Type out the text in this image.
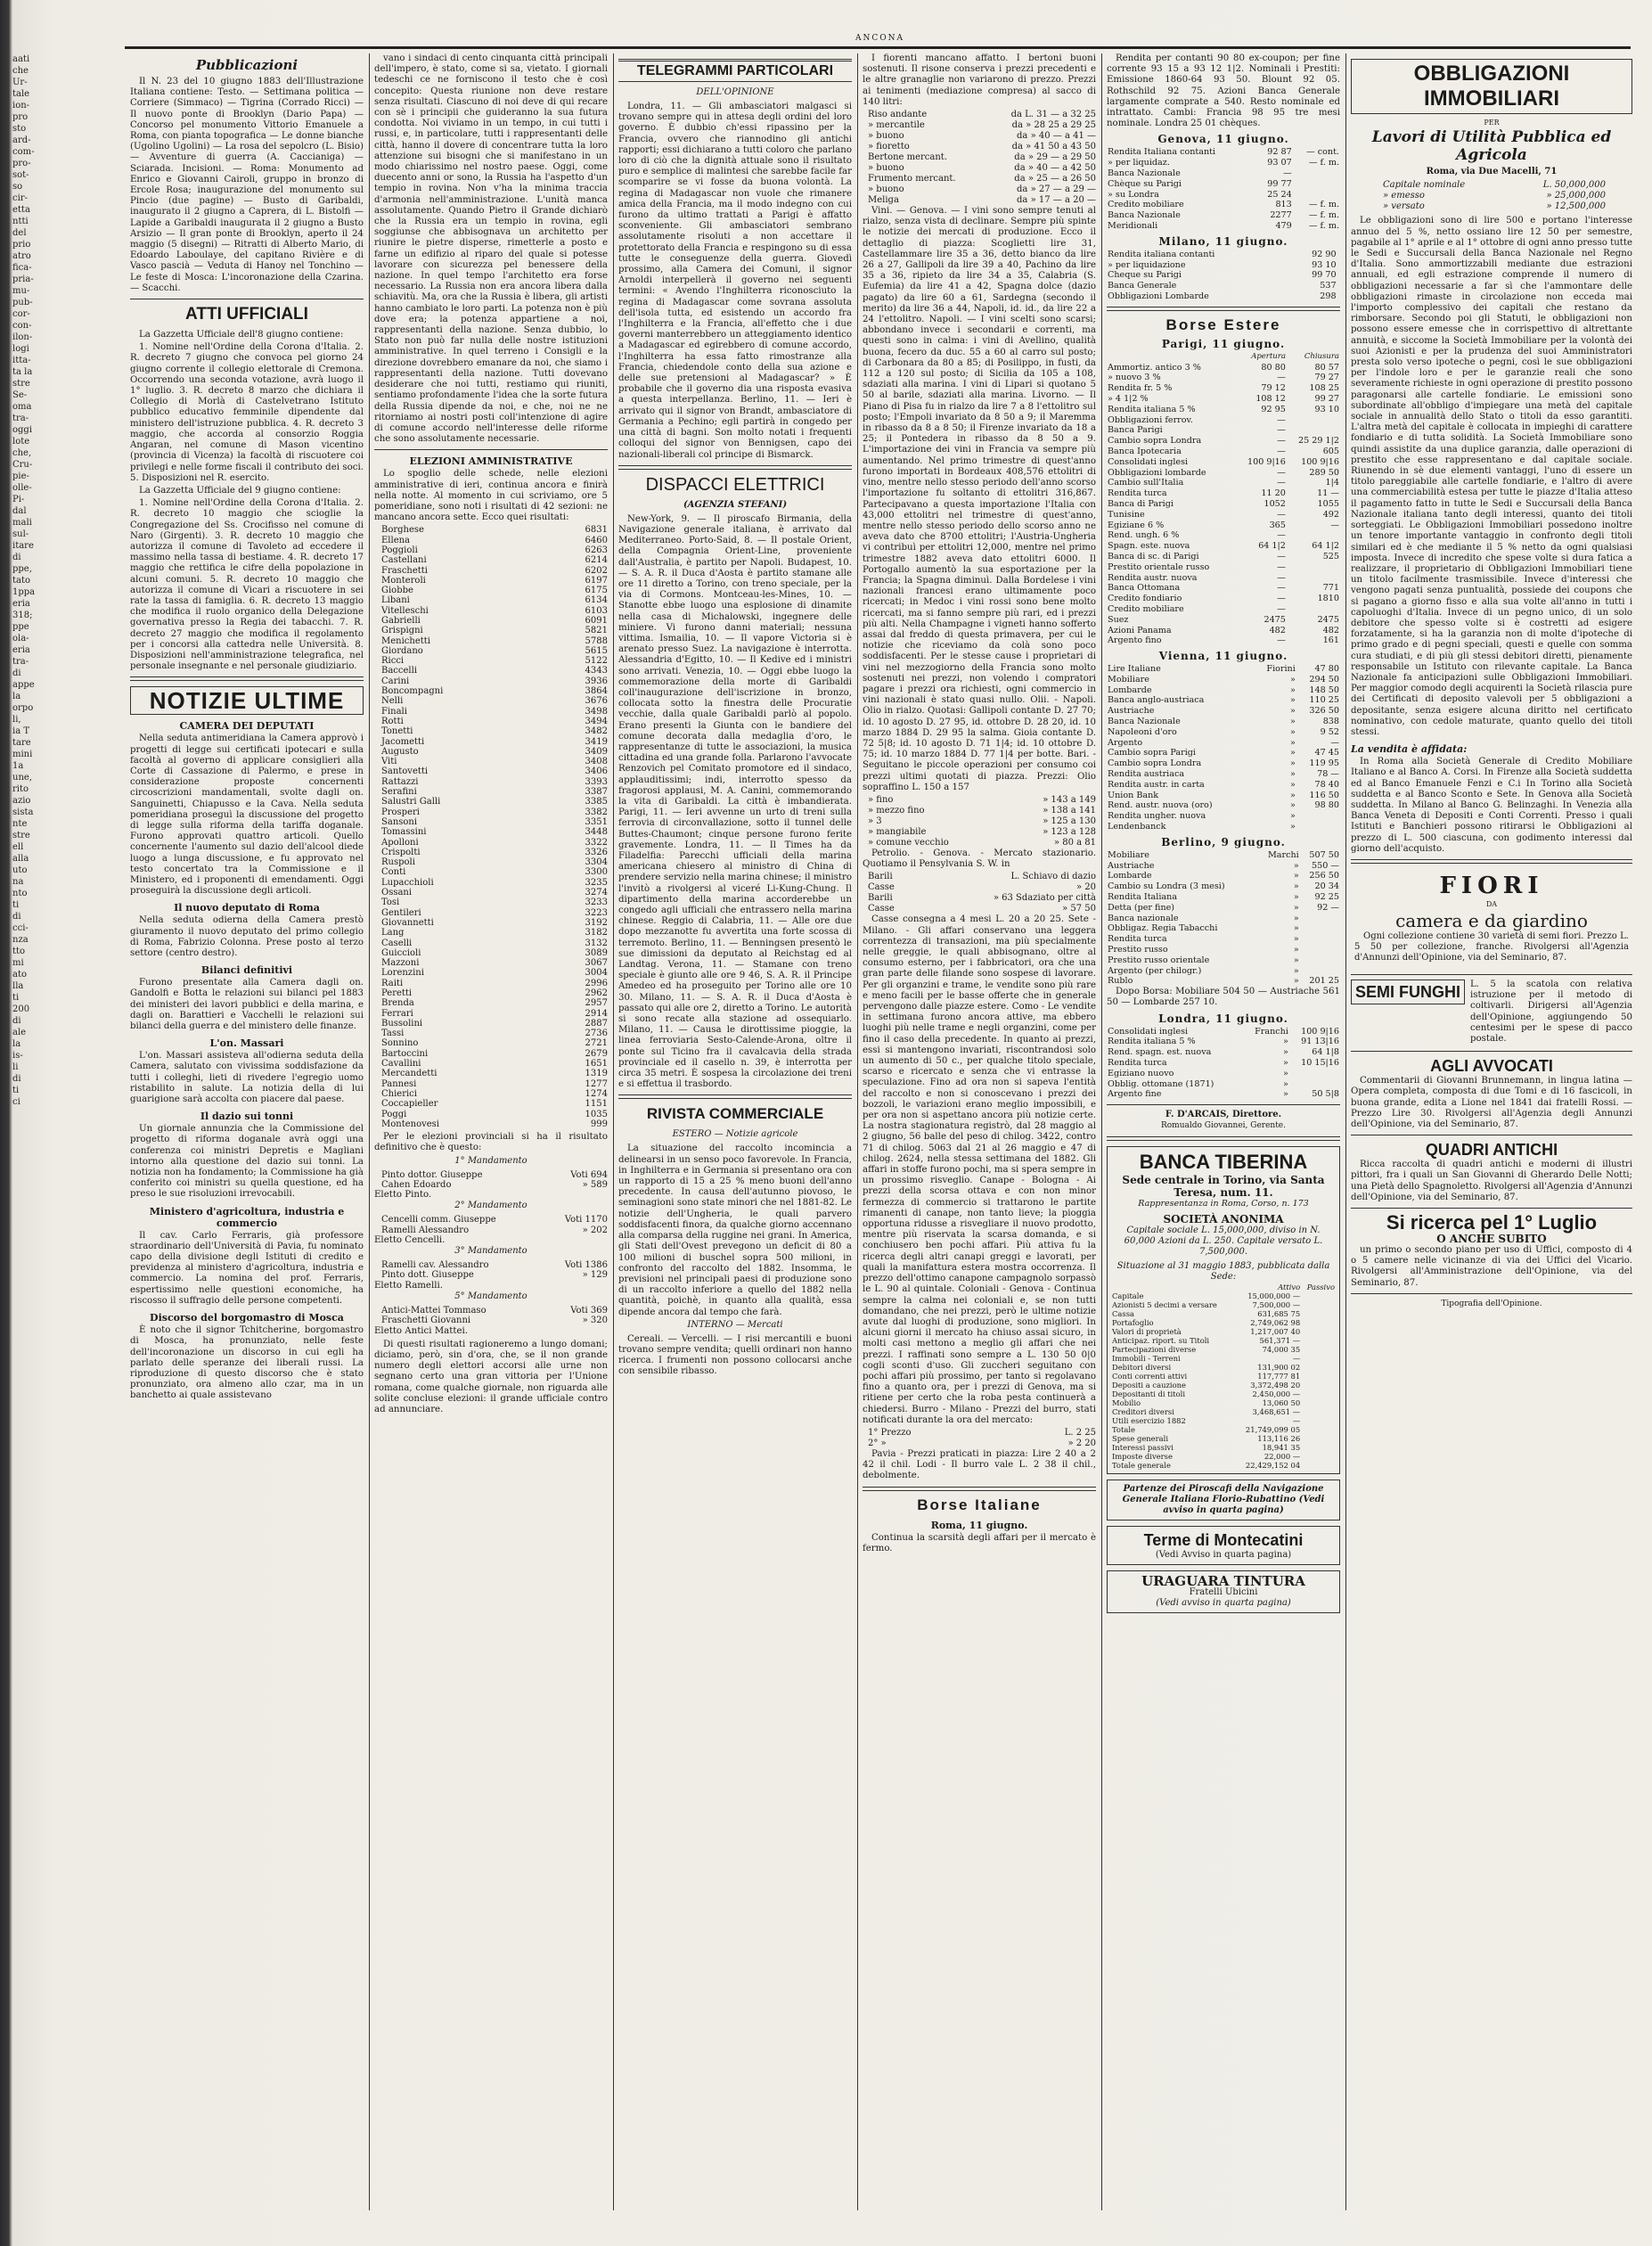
ANCONA
aati
che
Ur-
tale
ion-
pro
sto
ard-
com-
pro-
sot-
so
cir-
etta
ntti
del
prio
atro
fica-
pria-
mu-
pub-
cor-
con-
ilon-
logi
itta-
ta la
stre
Se-
oma
tra-
oggi
lote
che,
Cru-
pie-
olle-
Pi-
dal
mali
sul-
itare
di
ppe,
tato
1ppa
eria
318;
ppe
ola-
eria
tra-
di
appe
la
orpo
li,
ia T
tare
mini
1a
une,
rito
azio
sista
nte
stre
ell
alla
uto
na
nto
ti
di
cci-
nza
tto
mi
ato
lla
ti
200
di
ale
la
is-
li
di
ti
ci
Pubblicazioni

Il N. 23 del 10 giugno 1883 dell'Illustrazione Italiana contiene: Testo. — Settimana politica — Corriere (Simmaco) — Tigrina (Corrado Ricci) — Il nuovo ponte di Brooklyn (Dario Papa) — Concorso pel monumento Vittorio Emanuele a Roma, con pianta topografica — Le donne bianche (Ugolino Ugolini) — La rosa del sepolcro (L. Bisio) — Avventure di guerra (A. Caccianiga) — Sciarada. Incisioni. — Roma: Monumento ad Enrico e Giovanni Cairoli, gruppo in bronzo di Ercole Rosa; inaugurazione del monumento sul Pincio (due pagine) — Busto di Garibaldi, inaugurato il 2 giugno a Caprera, di L. Bistolfi — Lapide a Garibaldi inaugurata il 2 giugno a Busto Arsizio — Il gran ponte di Brooklyn, aperto il 24 maggio (5 disegni) — Ritratti di Alberto Mario, di Edoardo Laboulaye, del capitano Rivière e di Vasco pascià — Veduta di Hanoy nel Tonchino — Le feste di Mosca: L'incoronazione della Czarina. — Scacchi.

ATTI UFFICIALI

La Gazzetta Ufficiale dell'8 giugno contiene:

1. Nomine nell'Ordine della Corona d'Italia. 2. R. decreto 7 giugno che convoca pel giorno 24 giugno corrente il collegio elettorale di Cremona. Occorrendo una seconda votazione, avrà luogo il 1° luglio. 3. R. decreto 8 marzo che dichiara il Collegio di Morlà di Castelvetrano Istituto pubblico educativo femminile dipendente dal ministero dell'istruzione pubblica. 4. R. decreto 3 maggio, che accorda al consorzio Roggia Angaran, nel comune di Mason vicentino (provincia di Vicenza) la facoltà di riscuotere coi privilegi e nelle forme fiscali il contributo dei soci. 5. Disposizioni nel R. esercito.

La Gazzetta Ufficiale del 9 giugno contiene:

1. Nomine nell'Ordine della Corona d'Italia. 2. R. decreto 10 maggio che scioglie la Congregazione del Ss. Crocifisso nel comune di Naro (Girgenti). 3. R. decreto 10 maggio che autorizza il comune di Tavoleto ad eccedere il massimo nella tassa di bestiame. 4. R. decreto 17 maggio che rettifica le cifre della popolazione in alcuni comuni. 5. R. decreto 10 maggio che autorizza il comune di Vicari a riscuotere in sei rate la tassa di famiglia. 6. R. decreto 13 maggio che modifica il ruolo organico della Delegazione governativa presso la Regia dei tabacchi. 7. R. decreto 27 maggio che modifica il regolamento per i concorsi alla cattedra nelle Università. 8. Disposizioni nell'amministrazione telegrafica, nel personale insegnante e nel personale giudiziario.

NOTIZIE ULTIME
CAMERA DEI DEPUTATI

Nella seduta antimeridiana la Camera approvò i progetti di legge sui certificati ipotecari e sulla facoltà al governo di applicare consiglieri alla Corte di Cassazione di Palermo, e prese in considerazione proposte concernenti circoscrizioni mandamentali, svolte dagli on. Sanguinetti, Chiapusso e la Cava. Nella seduta pomeridiana proseguì la discussione del progetto di legge sulla riforma della tariffa doganale. Furono approvati quattro articoli. Quello concernente l'aumento sul dazio dell'alcool diede luogo a lunga discussione, e fu approvato nel testo concertato tra la Commissione e il Ministero, ed i proponenti di emendamenti. Oggi proseguirà la discussione degli articoli.

Il nuovo deputato di Roma

Nella seduta odierna della Camera prestò giuramento il nuovo deputato del primo collegio di Roma, Fabrizio Colonna. Prese posto al terzo settore (centro destro).

Bilanci definitivi

Furono presentate alla Camera dagli on. Gandolfi e Botta le relazioni sui bilanci pel 1883 dei ministeri dei lavori pubblici e della marina, e dagli on. Barattieri e Vacchelli le relazioni sui bilanci della guerra e del ministero delle finanze.

L'on. Massari

L'on. Massari assisteva all'odierna seduta della Camera, salutato con vivissima soddisfazione da tutti i colleghi, lieti di rivedere l'egregio uomo ristabilito in salute. La notizia della di lui guarigione sarà accolta con piacere dal paese.

Il dazio sui tonni

Un giornale annunzia che la Commissione del progetto di riforma doganale avrà oggi una conferenza coi ministri Depretis e Magliani intorno alla questione del dazio sui tonni. La notizia non ha fondamento; la Commissione ha già conferito coi ministri su quella questione, ed ha preso le sue risoluzioni irrevocabili.

Ministero d'agricoltura, industria e commercio

Il cav. Carlo Ferraris, già professore straordinario dell'Università di Pavia, fu nominato capo della divisione degli Istituti di credito e previdenza al ministero d'agricoltura, industria e commercio. La nomina del prof. Ferraris, espertissimo nelle questioni economiche, ha riscosso il suffragio delle persone competenti.

Discorso del borgomastro di Mosca

È noto che il signor Tchitcherine, borgomastro di Mosca, ha pronunziato, nelle feste dell'incoronazione un discorso in cui egli ha parlato delle speranze dei liberali russi. La riproduzione di questo discorso che è stato pronunziato, ora almeno allo czar, ma in un banchetto ai quale assistevano

vano i sindaci di cento cinquanta città principali dell'impero, è stato, come si sa, vietato. I giornali tedeschi ce ne forniscono il testo che è così concepito: Questa riunione non deve restare senza risultati. Ciascuno di noi deve di qui recare con sè i principii che guideranno la sua futura condotta. Noi viviamo in un tempo, in cui tutti i russi, e, in particolare, tutti i rappresentanti delle città, hanno il dovere di concentrare tutta la loro attenzione sui bisogni che si manifestano in un modo chiarissimo nel nostro paese. Oggi, come duecento anni or sono, la Russia ha l'aspetto d'un tempio in rovina. Non v'ha la minima traccia d'armonia nell'amministrazione. L'unità manca assolutamente. Quando Pietro il Grande dichiarò che la Russia era un tempio in rovina, egli soggiunse che abbisognava un architetto per riunire le pietre disperse, rimetterle a posto e farne un edifizio al riparo del quale si potesse lavorare con sicurezza pel benessere della nazione. In quel tempo l'architetto era forse necessario. La Russia non era ancora libera dalla schiavitù. Ma, ora che la Russia è libera, gli artisti hanno cambiato le loro parti. La potenza non è più dove era; la potenza appartiene a noi, rappresentanti della nazione. Senza dubbio, lo Stato non può far nulla delle nostre istituzioni amministrative. In quel terreno i Consigli e la direzione dovrebbero emanare da noi, che siamo i rappresentanti della nazione. Tutti dovevano desiderare che noi tutti, restiamo qui riuniti, sentiamo profondamente l'idea che la sorte futura della Russia dipende da noi, e che, noi ne ne ritorniamo ai nostri posti coll'intenzione di agire di comune accordo nell'interesse delle riforme che sono assolutamente necessarie.

ELEZIONI AMMINISTRATIVE

Lo spoglio delle schede, nelle elezioni amministrative di ieri, continua ancora e finirà nella notte. Al momento in cui scriviamo, ore 5 pomeridiane, sono noti i risultati di 42 sezioni: ne mancano ancora sette. Ecco quei risultati:

Borghese	6831
Ellena	6460
Poggioli	6263
Castellani	6214
Fraschetti	6202
Monteroli	6197
Giobbe	6175
Libani	6134
Vitelleschi	6103
Gabrielli	6091
Grispigni	5821
Menichetti	5788
Giordano	5615
Ricci	5122
Baccelli	4343
Carini	3936
Boncompagni	3864
Nelli	3676
Finali	3498
Rotti	3494
Tonetti	3482
Jacometti	3419
Augusto	3409
Viti	3408
Santovetti	3406
Rattazzi	3393
Serafini	3387
Salustri Galli	3385
Prosperi	3382
Sansoni	3351
Tomassini	3448
Apolloni	3322
Crispolti	3326
Ruspoli	3304
Conti	3300
Lupacchioli	3235
Ossani	3274
Tosi	3233
Gentileri	3223
Giovannetti	3192
Lang	3182
Caselli	3132
Guiccioli	3089
Mazzoni	3067
Lorenzini	3004
Raiti	2996
Peretti	2962
Brenda	2957
Ferrari	2914
Bussolini	2887
Tassi	2736
Sonnino	2721
Bartoccini	2679
Cavallini	1651
Mercandetti	1319
Pannesi	1277
Chierici	1274
Coccapieller	1151
Poggi	1035
Montenovesi	999

Per le elezioni provinciali si ha il risultato definitivo che è questo:

1° Mandamento
Pinto dottor. Giuseppe	Voti 694
Cahen Edoardo	» 589
Eletto Pinto.
2° Mandamento
Cencelli comm. Giuseppe	Voti 1170
Ramelli Alessandro	» 202
Eletto Cencelli.
3° Mandamento
Ramelli cav. Alessandro	Voti 1386
Pinto dott. Giuseppe	» 129
Eletto Ramelli.
5° Mandamento
Antici-Mattei Tommaso	Voti 369
Fraschetti Giovanni	» 320
Eletto Antici Mattei.

Di questi risultati ragioneremo a lungo domani; diciamo, però, sin d'ora, che, se il non grande numero degli elettori accorsi alle urne non segnano certo una gran vittoria per l'Unione romana, come qualche giornale, non riguarda alle solite concluse elezioni: il grande ufficiale contro ad annunciare.

TELEGRAMMI PARTICOLARI
DELL'OPINIONE

Londra, 11. — Gli ambasciatori malgasci si trovano sempre qui in attesa degli ordini del loro governo. È dubbio ch'essi ripassino per la Francia, ovvero che riannodino gli antichi rapporti; essi dichiarano a tutti coloro che parlano loro di ciò che la dignità attuale sono il risultato puro e semplice di malintesi che sarebbe facile far scomparire se vi fosse da buona volontà. La regina di Madagascar non vuole che rimanere amica della Francia, ma il modo indegno con cui furono da ultimo trattati a Parigi è affatto sconveniente. Gli ambasciatori sembrano assolutamente risoluti a non accettare il protettorato della Francia e respingono su di essa tutte le conseguenze della guerra. Giovedì prossimo, alla Camera dei Comuni, il signor Arnoldi interpellerà il governo nei seguenti termini: « Avendo l'Inghilterra riconosciuto la regina di Madagascar come sovrana assoluta dell'isola tutta, ed esistendo un accordo fra l'Inghilterra e la Francia, all'effetto che i due governi manterrebbero un atteggiamento identico a Madagascar ed egirebbero di comune accordo, l'Inghilterra ha essa fatto rimostranze alla Francia, chiedendole conto della sua azione e delle sue pretensioni al Madagascar? » È probabile che il governo dia una risposta evasiva a questa interpellanza. Berlino, 11. — Ieri è arrivato qui il signor von Brandt, ambasciatore di Germania a Pechino; egli partirà in congedo per una città di bagni. Son molto notati i frequenti colloqui del signor von Bennigsen, capo dei nazionali-liberali col principe di Bismarck.

DISPACCI ELETTRICI
(AGENZIA STEFANI)

New-York, 9. — Il piroscafo Birmania, della Navigazione generale italiana, è arrivato dal Mediterraneo. Porto-Said, 8. — Il postale Orient, della Compagnia Orient-Line, proveniente dall'Australia, è partito per Napoli. Budapest, 10. — S. A. R. il Duca d'Aosta è partito stamane alle ore 11 diretto a Torino, con treno speciale, per la via di Cormons. Montceau-les-Mines, 10. — Stanotte ebbe luogo una esplosione di dinamite nella casa di Michalowski, ingegnere delle miniere. Vi furono danni materiali; nessuna vittima. Ismailia, 10. — Il vapore Victoria si è arenato presso Suez. La navigazione è interrotta. Alessandria d'Egitto, 10. — Il Kedive ed i ministri sono arrivati. Venezia, 10. — Oggi ebbe luogo la commemorazione della morte di Garibaldi coll'inaugurazione dell'iscrizione in bronzo, collocata sotto la finestra delle Procuratie vecchie, dalla quale Garibaldi parlò al popolo. Erano presenti la Giunta con le bandiere del comune decorata dalla medaglia d'oro, le rappresentanze di tutte le associazioni, la musica cittadina ed una grande folla. Parlarono l'avvocate Renzovich pel Comitato promotore ed il sindaco, applauditissimi; indi, interrotto spesso da fragorosi applausi, M. A. Canini, commemorando la vita di Garibaldi. La città è imbandierata. Parigi, 11. — Ieri avvenne un urto di treni sulla ferrovia di circonvallazione, sotto il tunnel delle Buttes-Chaumont; cinque persone furono ferite gravemente. Londra, 11. — Il Times ha da Filadelfia: Parecchi ufficiali della marina americana chiesero al ministro di China di prendere servizio nella marina chinese; il ministro l'invitò a rivolgersi al viceré Li-Kung-Chung. Il dipartimento della marina accorderebbe un congedo agli ufficiali che entrassero nella marina chinese. Reggio di Calabria, 11. — Alle ore due dopo mezzanotte fu avvertita una forte scossa di terremoto. Berlino, 11. — Benningsen presentò le sue dimissioni da deputato al Reichstag ed al Landtag. Verona, 11. — Stamane con treno speciale è giunto alle ore 9 46, S. A. R. il Principe Amedeo ed ha proseguito per Torino alle ore 10 30. Milano, 11. — S. A. R. il Duca d'Aosta è passato qui alle ore 2, diretto a Torino. Le autorità si sono recate alla stazione ad ossequiarlo. Milano, 11. — Causa le dirottissime pioggie, la linea ferroviaria Sesto-Calende-Arona, oltre il ponte sul Ticino fra il cavalcavia della strada provinciale ed il casello n. 39, è interrotta per circa 35 metri. È sospesa la circolazione dei treni e si effettua il trasbordo.

RIVISTA COMMERCIALE
ESTERO — Notizie agricole

La situazione del raccolto incomincia a delinearsi in un senso poco favorevole. In Francia, in Inghilterra e in Germania si presentano ora con un rapporto di 15 a 25 % meno buoni dell'anno precedente. In causa dell'autunno piovoso, le seminagioni sono state minori che nel 1881-82. Le notizie dell'Ungheria, le quali parvero soddisfacenti finora, da qualche giorno accennano alla comparsa della ruggine nei grani. In America, gli Stati dell'Ovest prevegono un deficit di 80 a 100 milioni di buschel sopra 500 milioni, in confronto del raccolto del 1882. Insomma, le previsioni nel principali paesi di produzione sono di un raccolto inferiore a quello del 1882 nella quantità, poichè, in quanto alla qualità, essa dipende ancora dal tempo che farà.

INTERNO — Mercati

Cereali. — Vercelli. — I risi mercantili e buoni trovano sempre vendita; quelli ordinari non hanno ricerca. I frumenti non possono collocarsi anche con sensibile ribasso.

I fiorenti mancano affatto. I bertoni buoni sostenuti. Il risone conserva i prezzi precedenti e le altre granaglie non variarono di prezzo. Prezzi ai tenimenti (mediazione compresa) al sacco di 140 litri:

Riso andante	da L. 31 — a 32 25
» mercantile	da » 28 25 a 29 25
» buono	da » 40 — a 41 —
» fioretto	da » 41 50 a 43 50
Bertone mercant.	da » 29 — a 29 50
» buono	da » 40 — a 42 50
Frumento mercant.	da » 25 — a 26 50
» buono	da » 27 — a 29 —
Meliga	da » 17 — a 20 —

Vini. — Genova. — I vini sono sempre tenuti al rialzo, senza vista di declinare. Sempre più spinte le notizie dei mercati di produzione. Ecco il dettaglio di piazza: Scoglietti lire 31, Castellammare lire 35 a 36, detto bianco da lire 26 a 27, Gallipoli da lire 39 a 40, Pachino da lire 35 a 36, ripieto da lire 34 a 35, Calabria (S. Eufemia) da lire 41 a 42, Spagna dolce (dazio pagato) da lire 60 a 61, Sardegna (secondo il merito) da lire 36 a 44, Napoli, id. id., da lire 22 a 24 l'ettolitro. Napoli. — I vini scelti sono scarsi; abbondano invece i secondarii e correnti, ma questi sono in calma: i vini di Avellino, qualità buona, fecero da duc. 55 a 60 al carro sul posto; di Carbonara da 80 a 85; di Posilippo, in fusti, da 112 a 120 sul posto; di Sicilia da 105 a 108, sdaziati alla marina. I vini di Lipari si quotano 5 50 al barile, sdaziati alla marina. Livorno. — Il Piano di Pisa fu in rialzo da lire 7 a 8 l'ettolitro sul posto; l'Empoli invariato da 8 50 a 9; il Maremma in ribasso da 8 a 8 50; il Firenze invariato da 18 a 25; il Pontedera in ribasso da 8 50 a 9. L'importazione dei vini in Francia va sempre più aumentando. Nel primo trimestre di quest'anno furono importati in Bordeaux 408,576 ettolitri di vino, mentre nello stesso periodo dell'anno scorso l'importazione fu soltanto di ettolitri 316,867. Partecipavano a questa importazione l'Italia con 43,000 ettolitri nel trimestre di quest'anno, mentre nello stesso periodo dello scorso anno ne aveva dato che 8700 ettolitri; l'Austria-Ungheria vi contribuì per ettolitri 12,000, mentre nel primo trimestre 1882 aveva dato ettolitri 6000. Il Portogallo aumentò la sua esportazione per la Francia; la Spagna diminuì. Dalla Bordelese i vini nazionali francesi erano ultimamente poco ricercati; in Medoc i vini rossi sono bene molto ricercati, ma si fanno sempre più rari, ed i prezzi più alti. Nella Champagne i vigneti hanno sofferto assai dal freddo di questa primavera, per cui le notizie che riceviamo da colà sono poco soddisfacenti. Per le stesse cause i proprietari di vini nel mezzogiorno della Francia sono molto sostenuti nei prezzi, non volendo i compratori pagare i prezzi ora richiesti, ogni commercio in vini nazionali è stato quasi nullo. Olii. - Napoli. Olio in rialzo. Quotasi: Gallipoli contante D. 27 70; id. 10 agosto D. 27 95, id. ottobre D. 28 20, id. 10 marzo 1884 D. 29 95 la salma. Gioia contante D. 72 5|8; id. 10 agosto D. 71 1|4; id. 10 ottobre D. 75; id. 10 marzo 1884 D. 77 1|4 per botte. Bari. - Seguitano le piccole operazioni per consumo coi prezzi ultimi quotati di piazza. Prezzi: Olio sopraffino L. 150 a 157

» fino	» 143 a 149
» mezzo fino	» 138 a 141
» 3	» 125 a 130
» mangiabile	» 123 a 128
» comune vecchio	» 80 a 81

Petrolio. - Genova. - Mercato stazionario. Quotiamo il Pensylvania S. W. in

Barili	L. Schiavo di dazio
Casse	» 20
Barili	» 63 Sdaziato per città
Casse	» 57 50

Casse consegna a 4 mesi L. 20 a 20 25. Sete - Milano. - Gli affari conservano una leggera correntezza di transazioni, ma più specialmente nelle greggie, le quali abbisognano, oltre al consumo esterno, per i fabbricatori, ora che una gran parte delle filande sono sospese di lavorare. Per gli organzini e trame, le vendite sono più rare e meno facili per le basse offerte che in generale pervengono dalle piazze estere. Como - Le vendite in settimana furono ancora attive, ma ebbero luoghi più nelle trame e negli organzini, come per fino il caso della precedente. In quanto ai prezzi, essi si mantengono invariati, riscontrandosi solo un aumento di 50 c., per qualche titolo speciale, scarso e ricercato e senza che vi entrasse la speculazione. Fino ad ora non si sapeva l'entità del raccolto e non si conoscevano i prezzi dei bozzoli, le variazioni erano meglio impossibili, e per ora non si aspettano ancora più notizie certe. La nostra stagionatura registrò, dal 28 maggio al 2 giugno, 56 balle del peso di chilog. 3422, contro 71 di chilog. 5063 dal 21 al 26 maggio e 47 di chilog. 2624, nella stessa settimana del 1882. Gli affari in stoffe furono pochi, ma si spera sempre in un prossimo risveglio. Canape - Bologna - Ai prezzi della scorsa ottava e con non minor fermezza di commercio si trattarono le partite rimanenti di canape, non tanto lieve; la pioggia opportuna ridusse a risvegliare il nuovo prodotto, mentre più riservata la scarsa domanda, e si conchiusero ben pochi affari. Più attiva fu la ricerca degli altri canapi greggi e lavorati, per quali la manifattura estera mostra occorrenza. Il prezzo dell'ottimo canapone campagnolo sorpassò le L. 90 al quintale. Coloniali - Genova - Continua sempre la calma nei coloniali e, se non tutti domandano, che nei prezzi, però le ultime notizie avute dal luoghi di produzione, sono migliori. In alcuni giorni il mercato ha chiuso assai sicuro, in molti casi mettono a meglio gli affari che nei prezzi. I raffinati sono sempre a L. 130 50 0|0 cogli sconti d'uso. Gli zuccheri seguitano con pochi affari più prossimo, per tanto si regolavano fino a quanto ora, per i prezzi di Genova, ma si ritiene per certo che la roba pesta continuerà a chiedersi. Burro - Milano - Prezzi del burro, stati notificati durante la ora del mercato:

1° Prezzo	L. 2 25
2° »	» 2 20

Pavia - Prezzi praticati in piazza: Lire 2 40 a 2 42 il chil. Lodi - Il burro vale L. 2 38 il chil., debolmente.

Borse Italiane
Roma, 11 giugno.

Continua la scarsità degli affari per il mercato è fermo.

Rendita per contanti 90 80 ex-coupon; per fine corrente 93 15 a 93 12 1|2. Nominali i Prestiti: Emissione 1860-64 93 50. Blount 92 05. Rothschild 92 75. Azioni Banca Generale largamente comprate a 540. Resto nominale ed intrattato. Cambi: Francia 98 95 tre mesi nominale. Londra 25 01 chèques.

Genova, 11 giugno.
Rendita Italiana contanti	92 87	— cont.
» per liquidaz.	93 07	— f. m.
Banca Nazionale	—	
Chèque su Parigi	99 77	
» su Londra	25 24	
Credito mobiliare	813	— f. m.
Banca Nazionale	2277	— f. m.
Meridionali	479	— f. m.
Milano, 11 giugno.
Rendita italiana contanti	92 90	
» per liquidazione	93 10	
Cheque su Parigi	99 70	
Banca Generale	537	
Obbligazioni Lombarde	298	
Borse Estere
Parigi, 11 giugno.
	Apertura	Chiusura
Ammortiz. antico 3 %	80 80	80 57
» nuovo 3 %	—	79 27
Rendita fr. 5 %	79 12	108 25
» 4 1|2 %	108 12	99 27
Rendita italiana 5 %	92 95	93 10
Obbligazioni ferrov.	—	
Banca Parigi	—	
Cambio sopra Londra	—	25 29 1|2
Banca Ipotecaria	—	605
Consolidati inglesi	100 9|16	100 9|16
Obbligazioni lombarde	—	289 50
Cambio sull'Italia	—	1|4
Rendita turca	11 20	11 —
Banca di Parigi	1052	1055
Tunisine	—	492
Egiziane 6 %	365	—
Rend. ungh. 6 %	—	
Spagn. este. nuova	64 1|2	64 1|2
Banca di sc. di Parigi	—	525
Prestito orientale russo	—	
Rendita austr. nuova	—	
Banca Ottomana	—	771
Credito fondiario	—	1810
Credito mobiliare	—	
Suez	2475	2475
Azioni Panama	482	482
Argento fino	—	161
Vienna, 11 giugno.
Lire Italiane	Fiorini	47 80
Mobiliare	»	294 50
Lombarde	»	148 50
Banca anglo-austriaca	»	110 25
Austriache	»	326 50
Banca Nazionale	»	838
Napoleoni d'oro	»	9 52
Argento	»	—
Cambio sopra Parigi	»	47 45
Cambio sopra Londra	»	119 95
Rendita austriaca	»	78 —
Rendita austr. in carta	»	78 40
Union Bank	»	116 50
Rend. austr. nuova (oro)	»	98 80
Rendita ungher. nuova	»	
Lendenbanck	»	
Berlino, 9 giugno.
Mobiliare	Marchi	507 50
Austriache	»	550 —
Lombarde	»	256 50
Cambio su Londra (3 mesi)	»	20 34
Rendita Italiana	»	92 25
Detta (per fine)	»	92 —
Banca nazionale	»	
Obbligaz. Regia Tabacchi	»	
Rendita turca	»	
Prestito russo	»	
Prestito russo orientale	»	
Argento (per chilogr.)	»	
Rublo	»	201 25

Dopo Borsa: Mobiliare 504 50 — Austriache 561 50 — Lombarde 257 10.

Londra, 11 giugno.
Consolidati inglesi	Franchi	100 9|16
Rendita italiana 5 %	»	91 13|16
Rend. spagn. est. nuova	»	64 1|8
Rendita turca	»	10 15|16
Egiziano nuovo	»	
Obblig. ottomane (1871)	»	
Argento fine	»	50 5|8
F. D'ARCAIS, Direttore.
Romualdo Giovannei, Gerente.
BANCA TIBERINA
Sede centrale in Torino, via Santa Teresa, num. 11.
Rappresentanza in Roma, Corso, n. 173
SOCIETÀ ANONIMA
Capitale sociale L. 15,000,000, diviso in N. 60,000 Azioni da L. 250. Capitale versato L. 7,500,000.
Situazione al 31 maggio 1883, pubblicata dalla Sede:
	Attivo	Passivo
Capitale	15,000,000 —	
Azionisti 5 decimi a versare	7,500,000 —	
Cassa	631,685 75	
Portafoglio	2,749,062 98	
Valori di proprietà	1,217,007 40	
Anticipaz. riport. su Titoli	561,371 —	
Partecipazioni diverse	74,000 35	
Immobili - Terreni	—	
Debitori diversi	131,900 02	
Conti correnti attivi	117,777 81	
Depositi a cauzione	3,372,498 20	
Depositanti di titoli	2,450,000 —	
Mobilio	13,060 50	
Creditori diversi	3,468,651 —	
Utili esercizio 1882	—	
Totale	21,749,099 05	
Spese generali	113,116 26	
Interessi passivi	18,941 35	
Imposte diverse	22,000 —	
Totale generale	22,429,152 04	
Partenze dei Piroscafi della Navigazione Generale Italiana Florio-Rubattino (Vedi avviso in quarta pagina)
Terme di Montecatini
(Vedi Avviso in quarta pagina)
URAGUARA TINTURA
Fratelli Ubicini
(Vedi avviso in quarta pagina)
OBBLIGAZIONI IMMOBILIARI
PER
Lavori di Utilità Pubblica ed Agricola
Roma, via Due Macelli, 71
Capitale nominale	L. 50,000,000
» emesso	» 25,000,000
» versato	» 12,500,000

Le obbligazioni sono di lire 500 e portano l'interesse annuo del 5 %, netto ossiano lire 12 50 per semestre, pagabile al 1° aprile e al 1° ottobre di ogni anno presso tutte le Sedi e Succursali della Banca Nazionale nel Regno d'Italia. Sono ammortizzabili mediante due estrazioni annuali, ed egli estrazione comprende il numero di obbligazioni necessarie a far sì che l'ammontare delle obbligazioni rimaste in circolazione non ecceda mai l'importo complessivo dei capitali che restano da rimborsare. Secondo poi gli Statuti, le obbligazioni non possono essere emesse che in corrispettivo di altrettante annuità, e siccome la Società Immobiliare per la volontà dei suoi Azionisti e per la prudenza del suoi Amministratori presta solo verso ipoteche o pegni, così le sue obbligazioni per l'indole loro e per le garanzie reali che sono severamente richieste in ogni operazione di prestito possono paragonarsi alle cartelle fondiarie. Le emissioni sono subordinate all'obbligo d'impiegare una metà del capitale sociale in annualità dello Stato o titoli da esso garantiti. L'altra metà del capitale è collocata in impieghi di carattere fondiario e di tutta solidità. La Società Immobiliare sono quindi assistite da una duplice garanzia, dalle operazioni di prestito che esse rappresentano e dal capitale sociale. Riunendo in sè due elementi vantaggi, l'uno di essere un titolo pareggiabile alle cartelle fondiarie, e l'altro di avere una commerciabilità estesa per tutte le piazze d'Italia atteso il pagamento fatto in tutte le Sedi e Succursali della Banca Nazionale italiana tanto degli interessi, quanto dei titoli sorteggiati. Le Obbligazioni Immobiliari possedono inoltre un tenore importante vantaggio in confronto degli titoli similari ed è che mediante il 5 % netto da ogni qualsiasi imposta. Invece di incredito che spese volte si dura fatica a realizzare, il proprietario di Obbligazioni Immobiliari tiene un titolo facilmente trasmissibile. Invece d'interessi che vengono pagati senza puntualità, possiede dei coupons che si pagano a giorno fisso e alla sua volte all'anno in tutti i capoluoghi d'Italia. Invece di un pegno unico, di un solo debitore che spesso volte si è costretti ad esigere forzatamente, si ha la garanzia non di molte d'ipoteche di primo grado e di pegni speciali, questi e quelle con somma cura studiati, e di più gli stessi debitori diretti, pienamente responsabile un Istituto con rilevante capitale. La Banca Nazionale fa anticipazioni sulle Obbligazioni Immobiliari. Per maggior comodo degli acquirenti la Società rilascia pure dei Certificati di deposito valevoli per 5 obbligazioni a depositante, senza esigere alcuna diritto nel certificato nominativo, con cedole maturate, quanto quello dei titoli stessi.

La vendita è affidata:

In Roma alla Società Generale di Credito Mobiliare Italiano e al Banco A. Corsi. In Firenze alla Società suddetta ed al Banco Emanuele Fenzi e C.i In Torino alla Società suddetta e al Banco Sconto e Sete. In Genova alla Società suddetta. In Milano al Banco G. Belinzaghi. In Venezia alla Banca Veneta di Depositi e Conti Correnti. Presso i quali Istituti e Banchieri possono ritirarsi le Obbligazioni al prezzo di L. 500 ciascuna, con godimento interessi dal giorno dell'acquisto.

FIORI
DA
camera e da giardino

Ogni collezione contiene 30 varietà di semi fiori. Prezzo L. 5 50 per collezione, franche. Rivolgersi all'Agenzia d'Annunzi dell'Opinione, via del Seminario, 87.

SEMI FUNGHI	L. 5 la scatola con relativa istruzione per il metodo di coltivarli. Dirigersi all'Agenzia dell'Opinione, aggiungendo 50 centesimi per le spese di pacco postale.

AGLI AVVOCATI

Commentarii di Giovanni Brunnemann, in lingua latina — Opera completa, composta di due Tomi e di 16 fascicoli, in buona grande, edita a Lione nel 1841 dai fratelli Rossi. — Prezzo Lire 30. Rivolgersi all'Agenzia degli Annunzi dell'Opinione, via del Seminario, 87.

QUADRI ANTICHI

Ricca raccolta di quadri antichi e moderni di illustri pittori, fra i quali un San Giovanni di Gherardo Delle Notti; una Pietà dello Spagnoletto. Rivolgersi all'Agenzia d'Annunzi dell'Opinione, via del Seminario, 87.

Si ricerca pel 1° Luglio
O ANCHE SUBITO

un primo o secondo piano per uso di Uffici, composto di 4 o 5 camere nelle vicinanze di via dei Uffici del Vicario. Rivolgersi all'Amministrazione dell'Opinione, via del Seminario, 87.

Tipografia dell'Opinione.
